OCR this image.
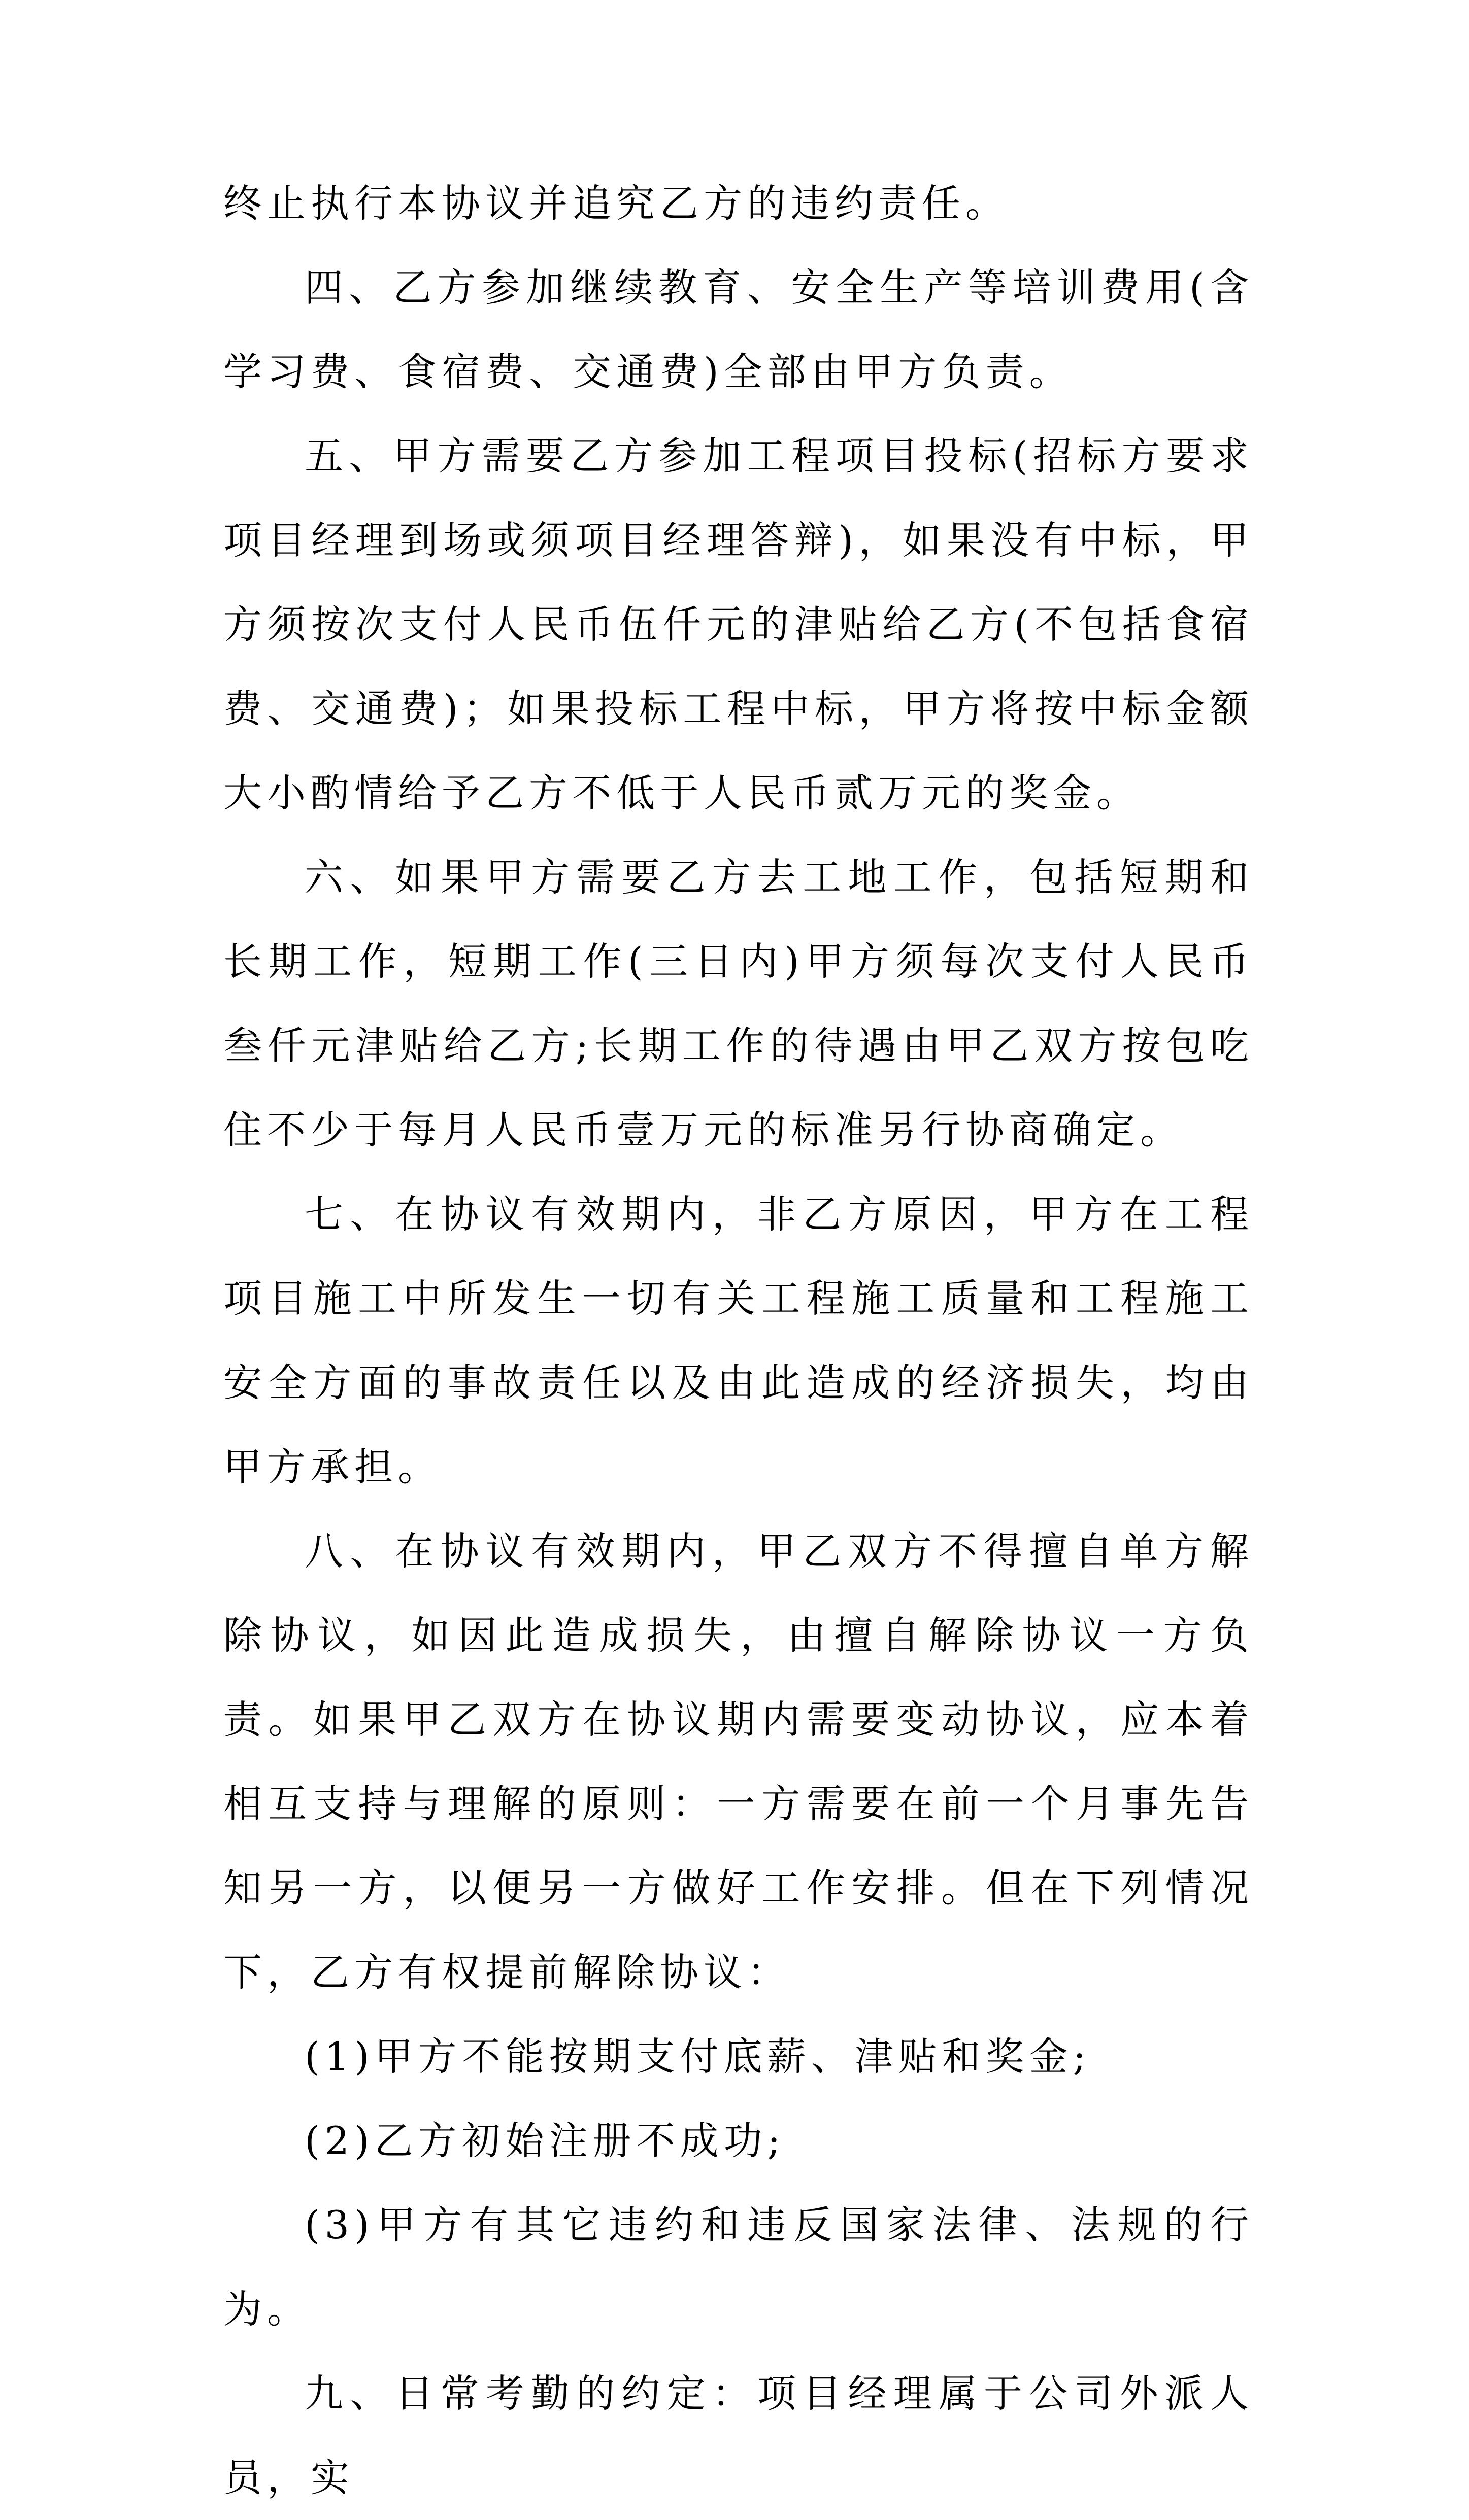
终止执行本协议并追究乙方的违约责任。

四、乙方参加继续教育、安全生产等培训费用(含学习费、食宿费、交通费)全部由甲方负责。

五、甲方需要乙方参加工程项目投标(招标方要求项目经理到场或须项目经理答辩)，如果没有中标，甲方须按次支付人民币伍仟元的津贴给乙方(不包括食宿费、交通费)；如果投标工程中标，甲方将按中标金额大小酌情给予乙方不低于人民币贰万元的奖金。

六、如果甲方需要乙方去工地工作，包括短期和长期工作，短期工作(三日内)甲方须每次支付人民币叁仟元津贴给乙方;长期工作的待遇由甲乙双方按包吃住不少于每月人民币壹万元的标准另行协商确定。

七、在协议有效期内，非乙方原因，甲方在工程项目施工中所发生一切有关工程施工质量和工程施工安全方面的事故责任以及由此造成的经济损失，均由甲方承担。

八、在协议有效期内，甲乙双方不得擅自单方解除协议，如因此造成损失，由擅自解除协议一方负责。如果甲乙双方在协议期内需要变动协议，应本着相互支持与理解的原则：一方需要在前一个月事先告知另一方，以便另一方做好工作安排。但在下列情况下，乙方有权提前解除协议：

(1)甲方不能按期支付底薪、津贴和奖金;

(2)乙方初始注册不成功;

(3)甲方有其它违约和违反国家法律、法规的行为。

九、日常考勤的约定：项目经理属于公司外派人员，实
